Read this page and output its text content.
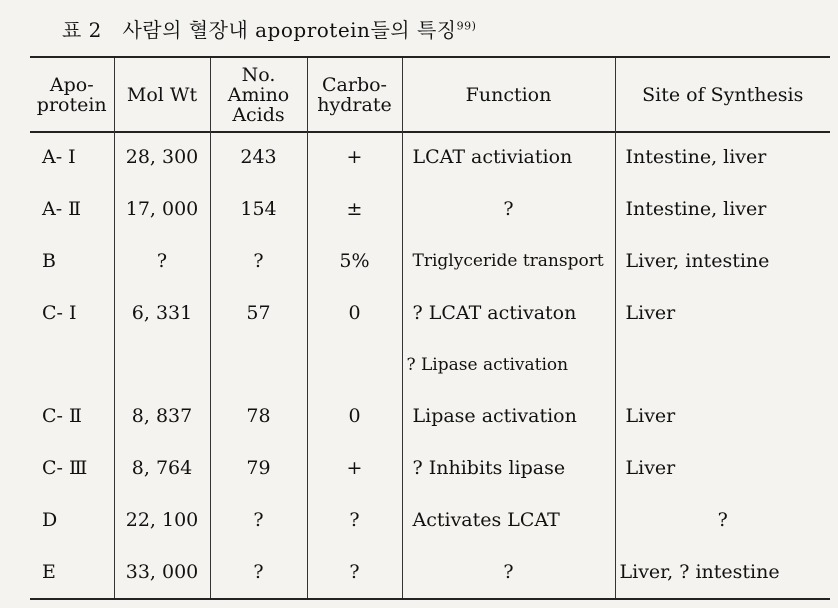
표 2 사람의 혈장내 apoprotein들의 특징$^{99)}$
Apo-protein	Mol Wt	No. Amino Acids	Carbo-hydrate	Function	Site of Synthesis
A- Ⅰ	28, 300	243	+	LCAT activiation	Intestine, liver
A- Ⅱ	17, 000	154	±	?	Intestine, liver
B	?	?	5%	Triglyceride transport	Liver, intestine
C- Ⅰ	6, 331	57	0	? LCAT activaton	Liver
				? Lipase activation	
C- Ⅱ	8, 837	78	0	Lipase activation	Liver
C- Ⅲ	8, 764	79	+	? Inhibits lipase	Liver
D	22, 100	?	?	Activates LCAT	?
E	33, 000	?	?	?	Liver, ? intestine
